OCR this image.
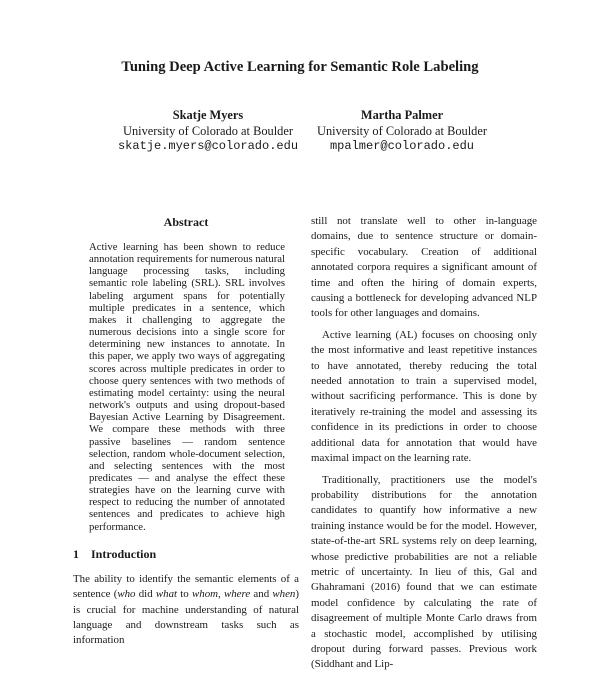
Tuning Deep Active Learning for Semantic Role Labeling
Skatje Myers
University of Colorado at Boulder
skatje.myers@colorado.edu
Martha Palmer
University of Colorado at Boulder
mpalmer@colorado.edu
Abstract
Active learning has been shown to reduce annotation requirements for numerous natural language processing tasks, including semantic role labeling (SRL). SRL involves labeling argument spans for potentially multiple predicates in a sentence, which makes it challenging to aggregate the numerous decisions into a single score for determining new instances to annotate. In this paper, we apply two ways of aggregating scores across multiple predicates in order to choose query sentences with two methods of estimating model certainty: using the neural network's outputs and using dropout-based Bayesian Active Learning by Disagreement. We compare these methods with three passive baselines — random sentence selection, random whole-document selection, and selecting sentences with the most predicates — and analyse the effect these strategies have on the learning curve with respect to reducing the number of annotated sentences and predicates to achieve high performance.
1 Introduction

The ability to identify the semantic elements of a sentence (who did what to whom, where and when) is crucial for machine understanding of natural language and downstream tasks such as information

still not translate well to other in-language domains, due to sentence structure or domain-specific vocabulary. Creation of additional annotated corpora requires a significant amount of time and often the hiring of domain experts, causing a bottleneck for developing advanced NLP tools for other languages and domains.

Active learning (AL) focuses on choosing only the most informative and least repetitive instances to have annotated, thereby reducing the total needed annotation to train a supervised model, without sacrificing performance. This is done by iteratively re-training the model and assessing its confidence in its predictions in order to choose additional data for annotation that would have maximal impact on the learning rate.

Traditionally, practitioners use the model's probability distributions for the annotation candidates to quantify how informative a new training instance would be for the model. However, state-of-the-art SRL systems rely on deep learning, whose predictive probabilities are not a reliable metric of uncertainty. In lieu of this, Gal and Ghahramani (2016) found that we can estimate model confidence by calculating the rate of disagreement of multiple Monte Carlo draws from a stochastic model, accomplished by utilising dropout during forward passes. Previous work (Siddhant and Lip-
